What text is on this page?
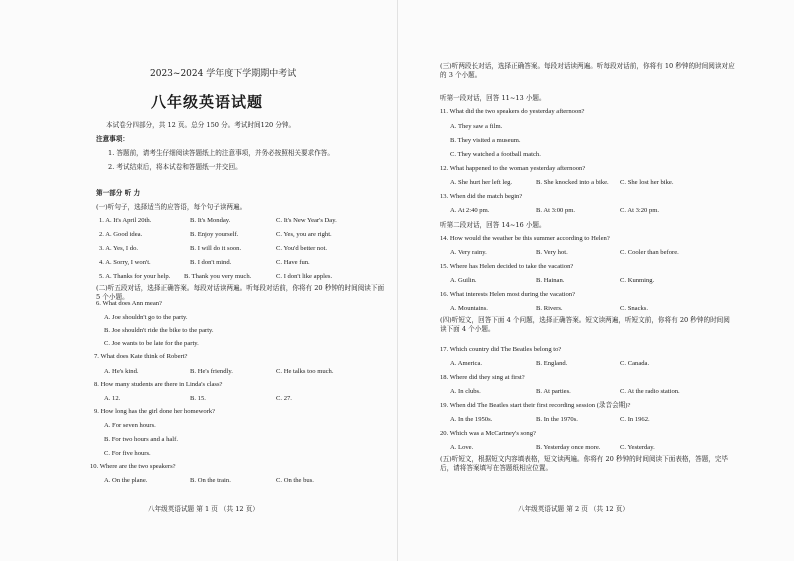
2023~2024 学年度下学期期中考试
八年级英语试题
本试卷分四部分，共 12 页。总分 150 分。考试时间120 分钟。
注意事项：
1. 答题前，请考生仔细阅读答题纸上的注意事项，并务必按照相关要求作答。
2. 考试结束后，将本试卷和答题纸一并交回。
第一部分 听 力
(一)听句子，选择适当的应答语，每个句子读两遍。
1. A. It's April 20th.	B. It's Monday.	C. It's New Year's Day.
2. A. Good idea.	B. Enjoy yourself.	C. Yes, you are right.
3. A. Yes, I do.	B. I will do it soon.	C. You'd better not.
4. A. Sorry, I won't.	B. I don't mind.	C. Have fun.
5. A. Thanks for your help. B. Thank you very much.	C. I don't like apples.
(二)听五段对话，选择正确答案。每段对话读两遍。听每段对话前，你将有 20 秒钟的时间阅读下面 5 个小题。
6. What does Ann mean?
A. Joe shouldn't go to the party.
B. Joe shouldn't ride the bike to the party.
C. Joe wants to be late for the party.
7. What does Kate think of Robert?
A. He's kind.	B. He's friendly.	C. He talks too much.
8. How many students are there in Linda's class?
A. 12.	B. 15.	C. 27.
9. How long has the girl done her homework?
A. For seven hours.
B. For two hours and a half.
C. For five hours.
10. Where are the two speakers?
A. On the plane.	B. On the train.	C. On the bus.
八年级英语试题 第 1 页 （共 12 页）
(三)听两段长对话，选择正确答案。每段对话读两遍。听每段对话前，你将有 10 秒钟的时间阅读对应的 3 个小题。
听第一段对话，回答 11~13 小题。
11. What did the two speakers do yesterday afternoon?
A. They saw a film.
B. They visited a museum.
C. They watched a football match.
12. What happened to the woman yesterday afternoon?
A. She hurt her left leg.	B. She knocked into a bike. C. She lost her bike.
13. When did the match begin?
A. At 2:40 pm.	B. At 3:00 pm.	C. At 3:20 pm.
听第二段对话，回答 14~16 小题。
14. How would the weather be this summer according to Helen?
A. Very rainy.	B. Very hot.	C. Cooler than before.
15. Where has Helen decided to take the vacation?
A. Guilin.	B. Hainan.	C. Kunming.
16. What interests Helen most during the vacation?
A. Mountains.	B. Rivers.	C. Snacks.
(四)听短文，回答下面 4 个问题，选择正确答案。短文读两遍，听短文前，你将有 20 秒钟的时间阅读下面 4 个小题。
17. Which country did The Beatles belong to?
A. America.	B. England.	C. Canada.
18. Where did they sing at first?
A. In clubs.	B. At parties.	C. At the radio station.
19. When did The Beatles start their first recording session (录音会期)?
A. In the 1950s.	B. In the 1970s.	C. In 1962.
20. Which was a McCartney's song?
A. Love.	B. Yesterday once more.	C. Yesterday.
(五)听短文，根据短文内容填表格，短文读两遍。你将有 20 秒钟的时间阅读下面表格，答题，完毕后，请将答案填写在答题纸相应位置。
八年级英语试题 第 2 页 （共 12 页）
